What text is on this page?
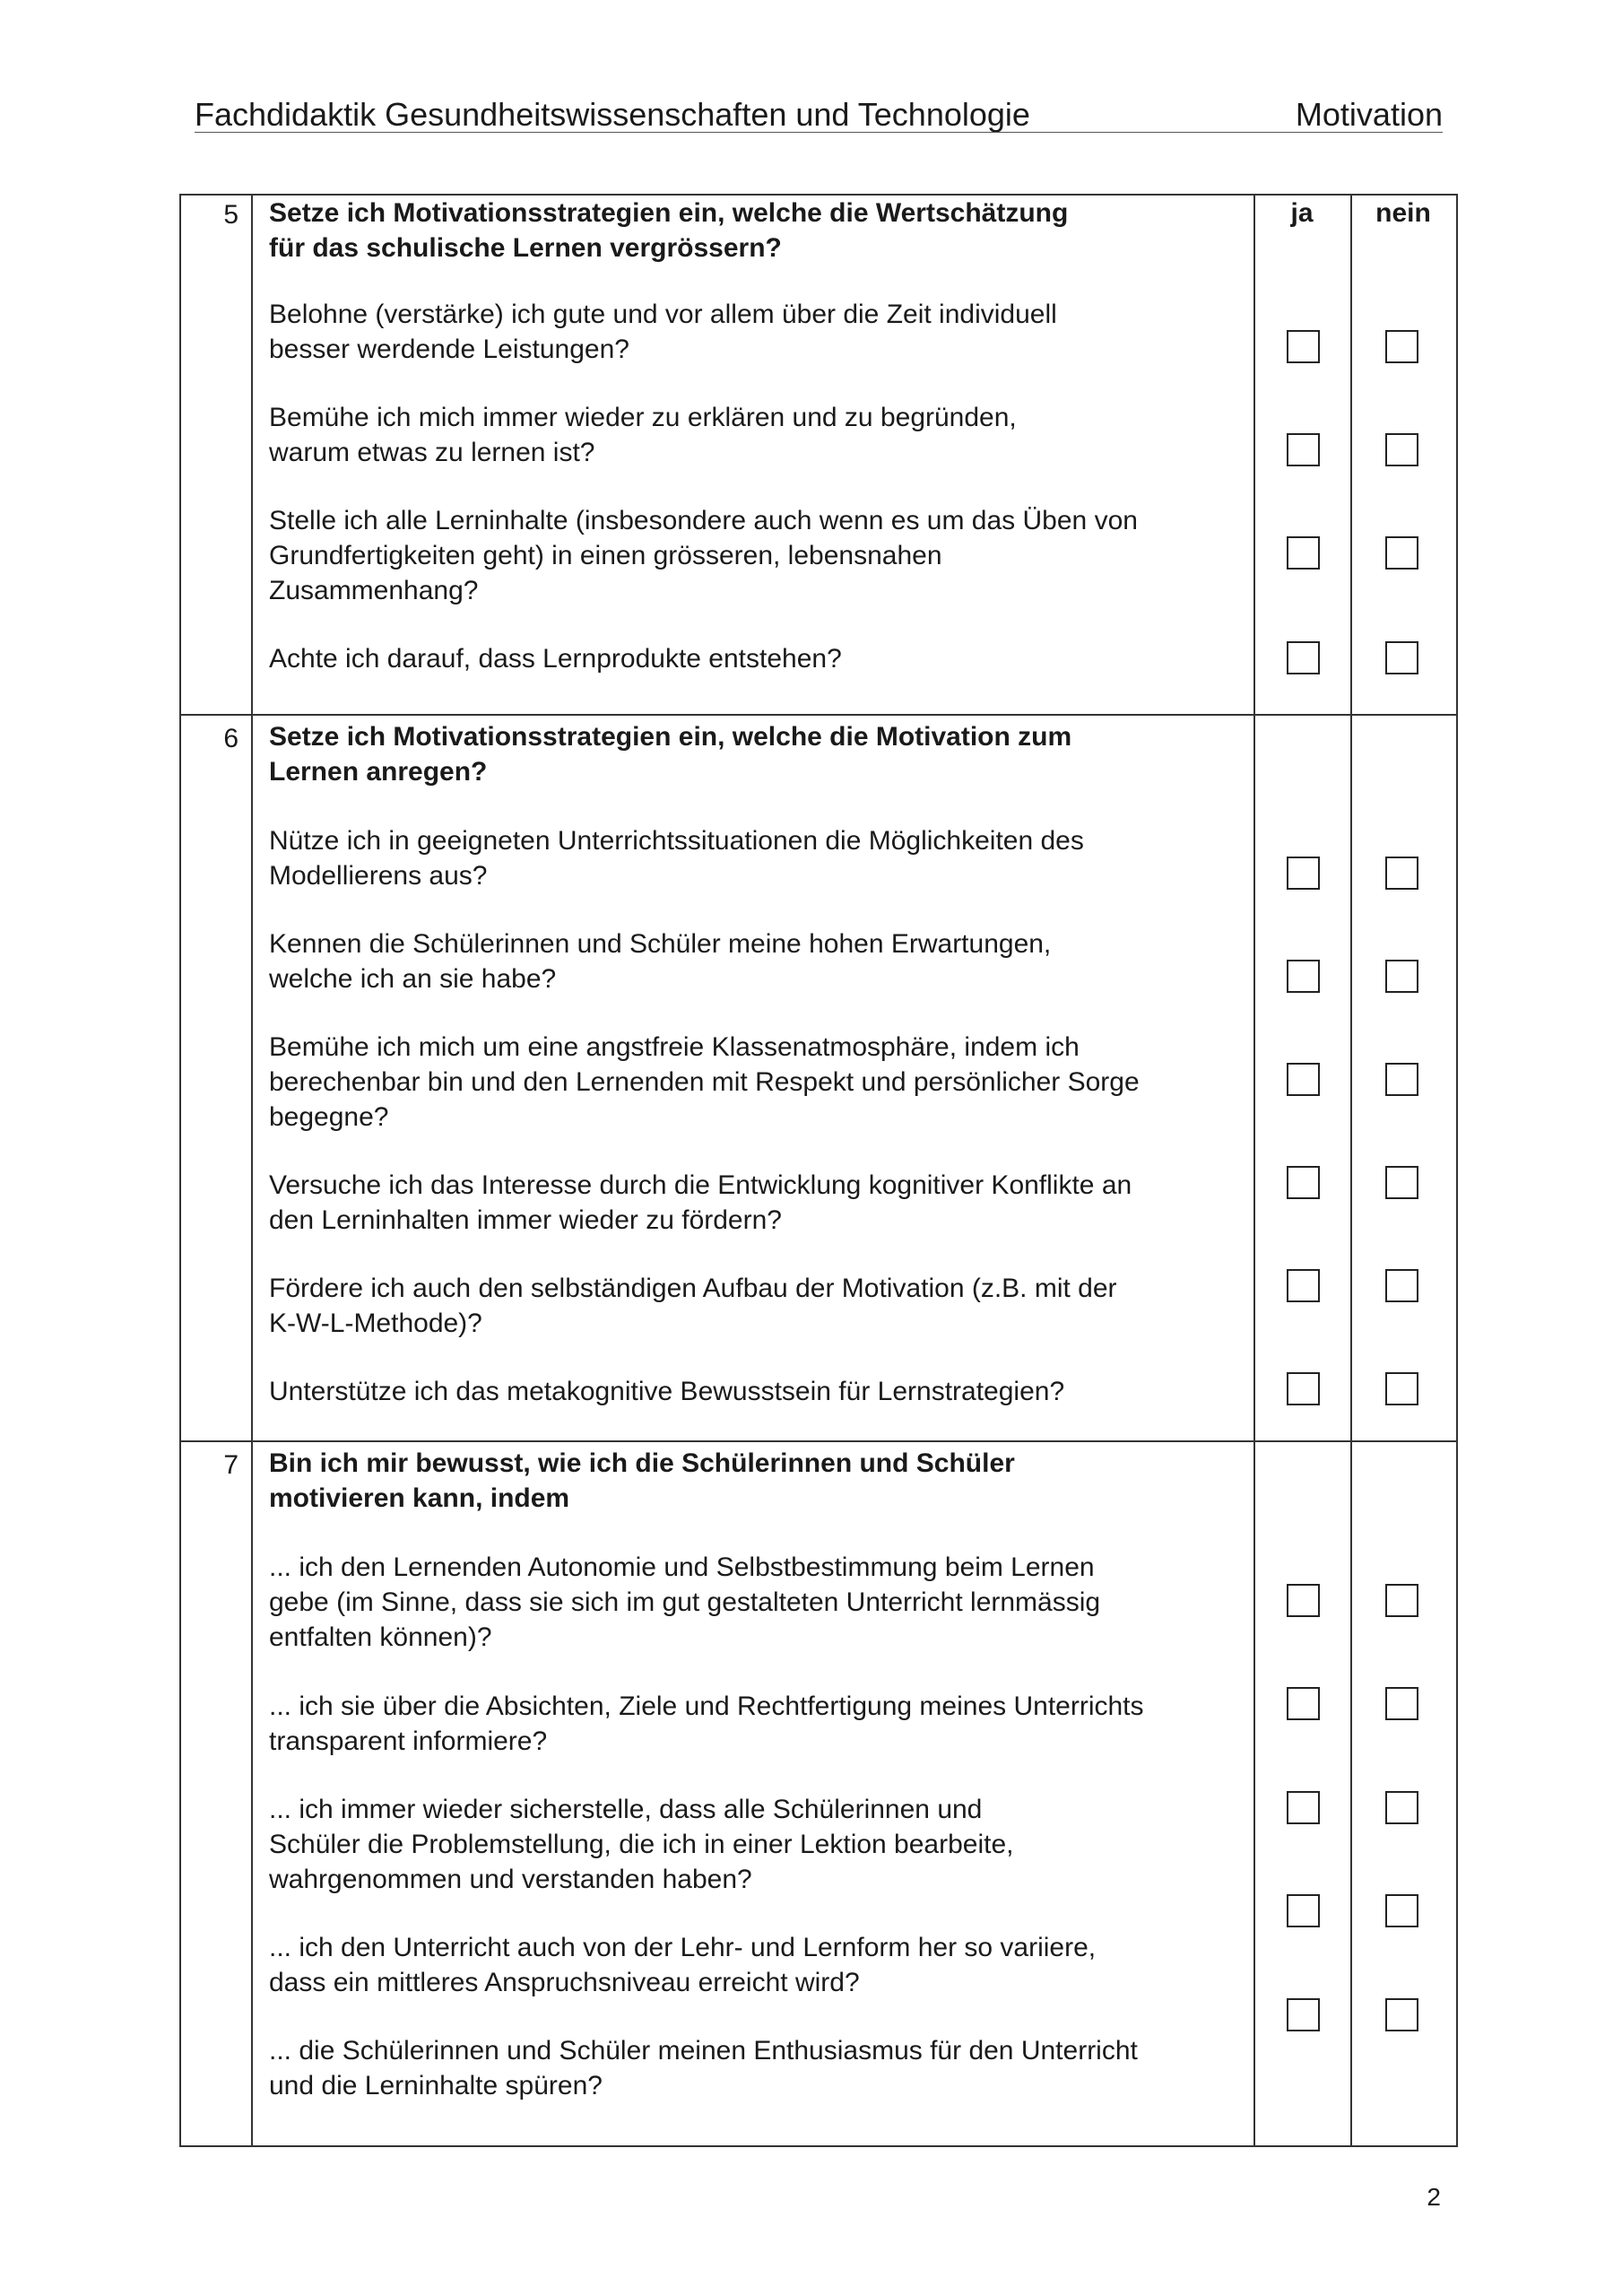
Fachdidaktik Gesundheitswissenschaften und Technologie	Motivation
ja	nein
5 Setze ich Motivationsstrategien ein, welche die Wertschätzung
für das schulische Lernen vergrössern?
Belohne (verstärke) ich gute und vor allem über die Zeit individuell
besser werdende Leistungen?
Bemühe ich mich immer wieder zu erklären und zu begründen,
warum etwas zu lernen ist?
Stelle ich alle Lerninhalte (insbesondere auch wenn es um das Üben von
Grundfertigkeiten geht) in einen grösseren, lebensnahen
Zusammenhang?
Achte ich darauf, dass Lernprodukte entstehen?
6 Setze ich Motivationsstrategien ein, welche die Motivation zum
Lernen anregen?
Nütze ich in geeigneten Unterrichtssituationen die Möglichkeiten des
Modellierens aus?
Kennen die Schülerinnen und Schüler meine hohen Erwartungen,
welche ich an sie habe?
Bemühe ich mich um eine angstfreie Klassenatmosphäre, indem ich
berechenbar bin und den Lernenden mit Respekt und persönlicher Sorge
begegne?
Versuche ich das Interesse durch die Entwicklung kognitiver Konflikte an
den Lerninhalten immer wieder zu fördern?
Fördere ich auch den selbständigen Aufbau der Motivation (z.B. mit der
K-W-L-Methode)?
Unterstütze ich das metakognitive Bewusstsein für Lernstrategien?
7 Bin ich mir bewusst, wie ich die Schülerinnen und Schüler
motivieren kann, indem
... ich den Lernenden Autonomie und Selbstbestimmung beim Lernen
gebe (im Sinne, dass sie sich im gut gestalteten Unterricht lernmässig
entfalten können)?
... ich sie über die Absichten, Ziele und Rechtfertigung meines Unterrichts
transparent informiere?
... ich immer wieder sicherstelle, dass alle Schülerinnen und
Schüler die Problemstellung, die ich in einer Lektion bearbeite,
wahrgenommen und verstanden haben?
... ich den Unterricht auch von der Lehr- und Lernform her so variiere,
dass ein mittleres Anspruchsniveau erreicht wird?
... die Schülerinnen und Schüler meinen Enthusiasmus für den Unterricht
und die Lerninhalte spüren?
2
